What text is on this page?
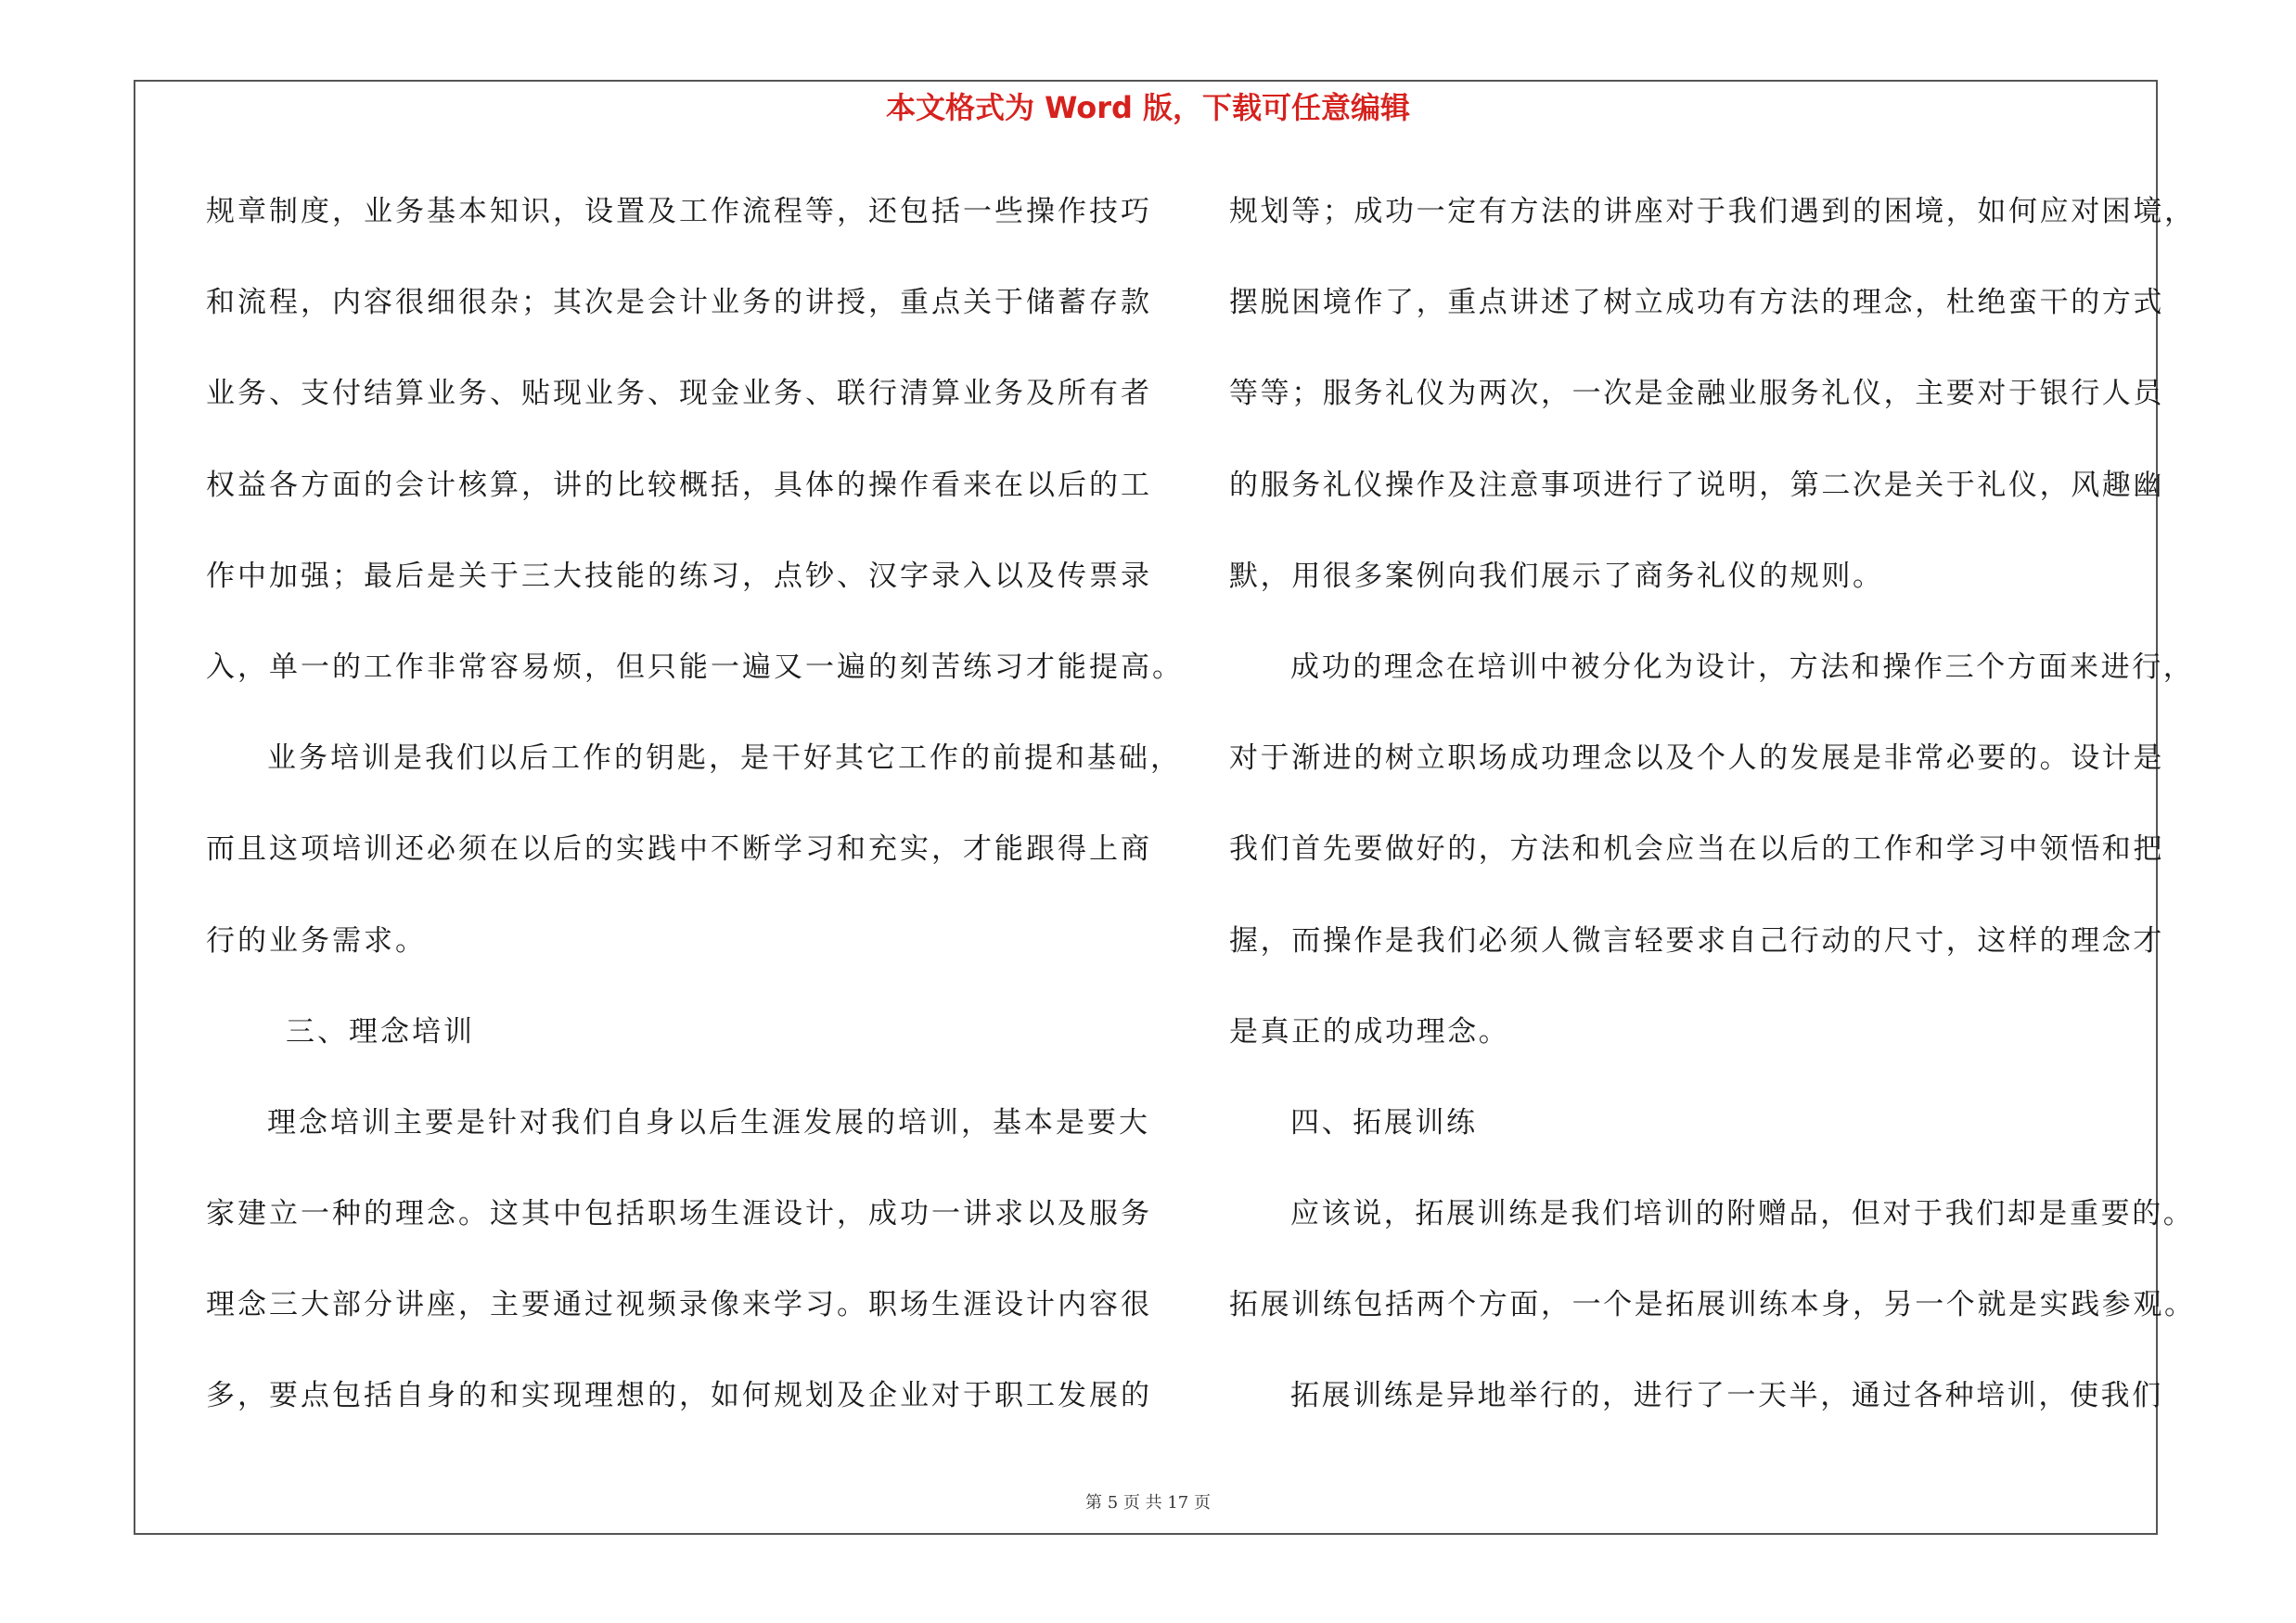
本文格式为 Word 版，下载可任意编辑
规章制度，业务基本知识，设置及工作流程等，还包括一些操作技巧
和流程，内容很细很杂；其次是会计业务的讲授，重点关于储蓄存款
业务、支付结算业务、贴现业务、现金业务、联行清算业务及所有者
权益各方面的会计核算，讲的比较概括，具体的操作看来在以后的工
作中加强；最后是关于三大技能的练习，点钞、汉字录入以及传票录
入，单一的工作非常容易烦，但只能一遍又一遍的刻苦练习才能提高。
业务培训是我们以后工作的钥匙，是干好其它工作的前提和基础，
而且这项培训还必须在以后的实践中不断学习和充实，才能跟得上商
行的业务需求。
三、理念培训
理念培训主要是针对我们自身以后生涯发展的培训，基本是要大
家建立一种的理念。这其中包括职场生涯设计，成功一讲求以及服务
理念三大部分讲座，主要通过视频录像来学习。职场生涯设计内容很
多，要点包括自身的和实现理想的，如何规划及企业对于职工发展的
规划等；成功一定有方法的讲座对于我们遇到的困境，如何应对困境，
摆脱困境作了，重点讲述了树立成功有方法的理念，杜绝蛮干的方式
等等；服务礼仪为两次，一次是金融业服务礼仪，主要对于银行人员
的服务礼仪操作及注意事项进行了说明，第二次是关于礼仪，风趣幽
默，用很多案例向我们展示了商务礼仪的规则。
成功的理念在培训中被分化为设计，方法和操作三个方面来进行，
对于渐进的树立职场成功理念以及个人的发展是非常必要的。设计是
我们首先要做好的，方法和机会应当在以后的工作和学习中领悟和把
握，而操作是我们必须人微言轻要求自己行动的尺寸，这样的理念才
是真正的成功理念。
四、拓展训练
应该说，拓展训练是我们培训的附赠品，但对于我们却是重要的。
拓展训练包括两个方面，一个是拓展训练本身，另一个就是实践参观。
拓展训练是异地举行的，进行了一天半，通过各种培训，使我们
第 5 页 共 17 页
